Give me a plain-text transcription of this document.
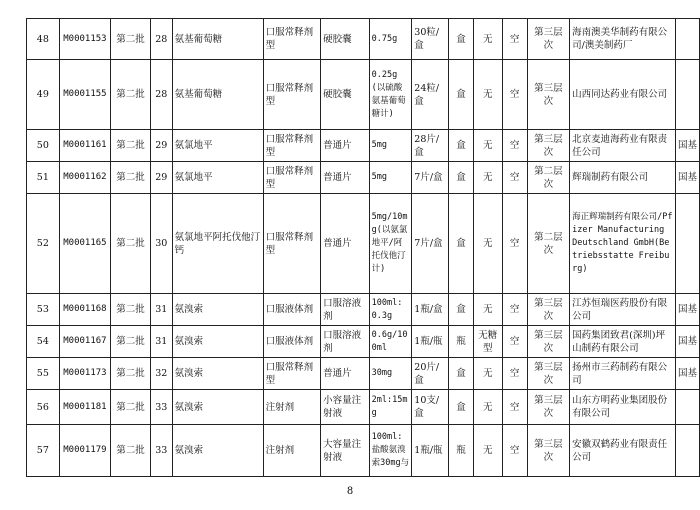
48	M0001153	第二批	28	氨基葡萄糖	口服常释剂型	硬胶囊	0.75g	30粒/盒	盒	无	空	第三层次	海南澳美华制药有限公司/澳美制药厂	
49	M0001155	第二批	28	氨基葡萄糖	口服常释剂型	硬胶囊	0.25g(以硫酸氨基葡萄糖计)	24粒/盒	盒	无	空	第三层次	山西同达药业有限公司	
50	M0001161	第二批	29	氨氯地平	口服常释剂型	普通片	5mg	28片/盒	盒	无	空	第三层次	北京麦迪海药业有限责任公司	国基
51	M0001162	第二批	29	氨氯地平	口服常释剂型	普通片	5mg	7片/盒	盒	无	空	第二层次	辉瑞制药有限公司	国基
52	M0001165	第二批	30	氨氯地平阿托伐他汀钙	口服常释剂型	普通片	5mg/10mg(以氨氯地平/阿托伐他汀计)	7片/盒	盒	无	空	第二层次	海正辉瑞制药有限公司/Pfizer Manufacturing Deutschland GmbH(Betriebsstatte Freiburg)	
53	M0001168	第二批	31	氨溴索	口服液体剂	口服溶液剂	100ml:0.3g	1瓶/盒	盒	无	空	第三层次	江苏恒瑞医药股份有限公司	国基
54	M0001167	第二批	31	氨溴索	口服液体剂	口服溶液剂	0.6g/100ml	1瓶/瓶	瓶	无糖型	空	第三层次	国药集团致君(深圳)坪山制药有限公司	国基
55	M0001173	第二批	32	氨溴索	口服常释剂型	普通片	30mg	20片/盒	盒	无	空	第三层次	扬州市三药制药有限公司	国基
56	M0001181	第二批	33	氨溴索	注射剂	小容量注射液	2ml:15mg	10支/盒	盒	无	空	第三层次	山东方明药业集团股份有限公司	
57	M0001179	第二批	33	氨溴索	注射剂	大容量注射液	100ml:盐酸氨溴索30mg与	1瓶/瓶	瓶	无	空	第三层次	安徽双鹤药业有限责任公司	
8
